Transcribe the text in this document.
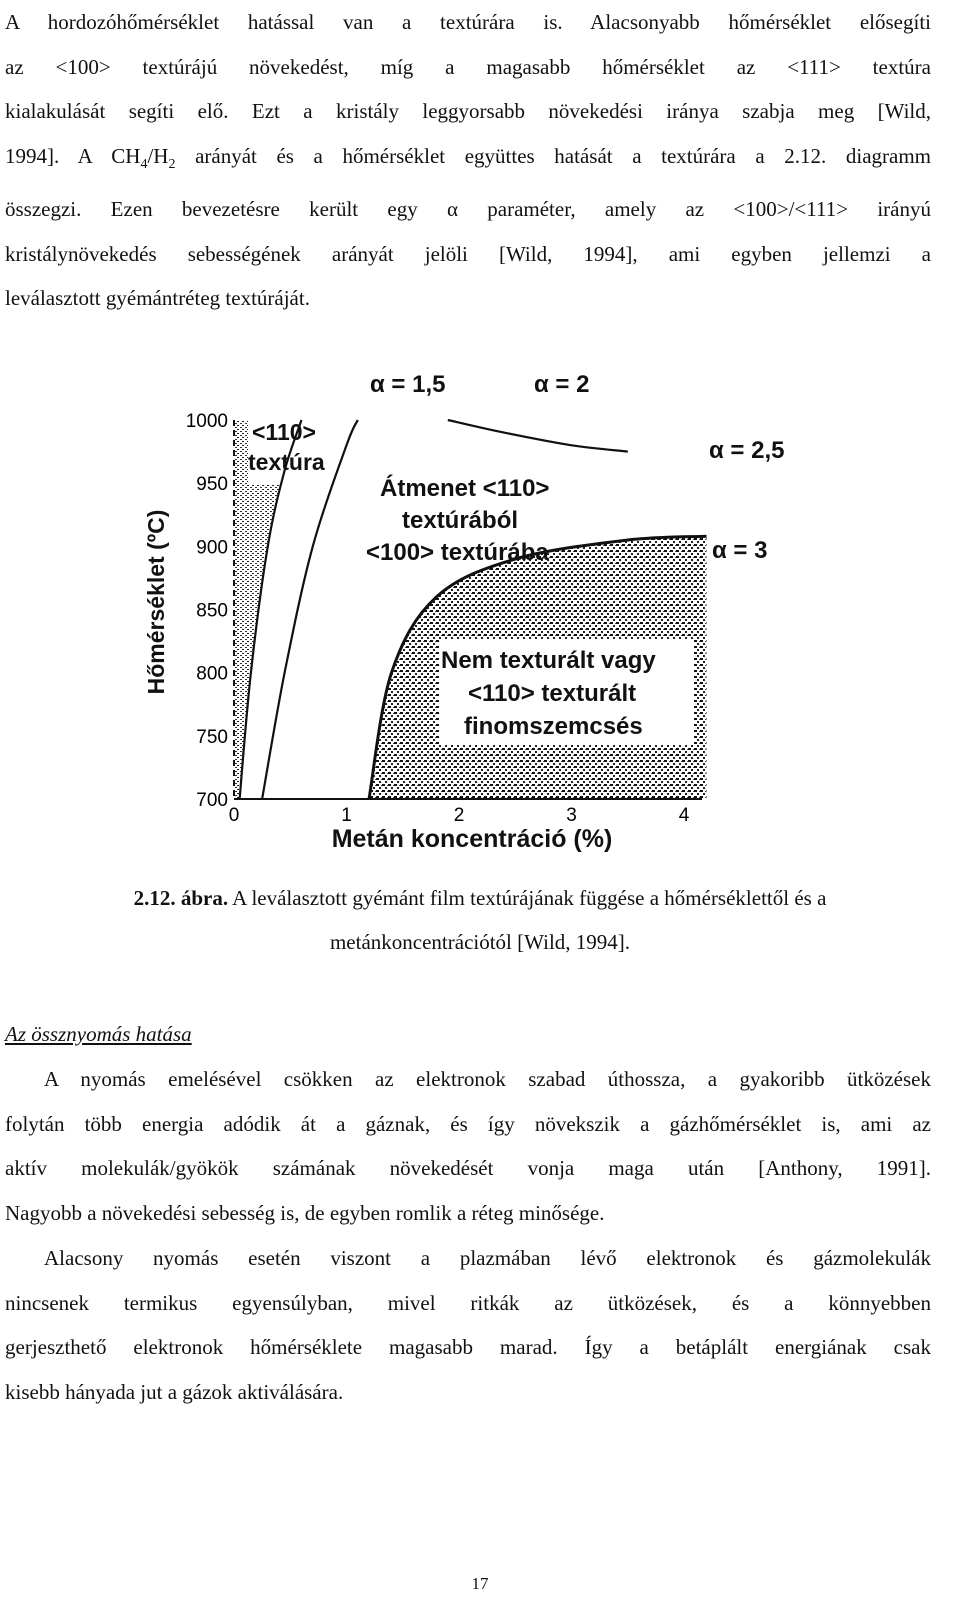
A hordozóhőmérséklet hatással van a textúrára is. Alacsonyabb hőmérséklet elősegíti
az <100> textúrájú növekedést, míg a magasabb hőmérséklet az <111> textúra
kialakulását segíti elő. Ezt a kristály leggyorsabb növekedési iránya szabja meg [Wild,
1994]. A $CH_4/H_2$ arányát és a hőmérséklet együttes hatását a textúrára a 2.12. diagramm
összegzi. Ezen bevezetésre került egy α paraméter, amely az <100>/<111> irányú
kristálynövekedés sebességének arányát jelöli [Wild, 1994], ami egyben jellemzi a
leválasztott gyémántréteg textúráját.
1000
950
900
850
800
750
700
0	1	2	3	4
Hőmérséklet (ºC)
Metán koncentráció (%)
α = 1,5	α = 2
α = 2,5
α = 3
<110>
textúra
Átmenet <110>
textúrából
<100> textúrába
Nem texturált vagy
<110> texturált
finomszemcsés
2.12. ábra. A leválasztott gyémánt film textúrájának függése a hőmérséklettől és a
metánkoncentrációtól [Wild, 1994].

Az össznyomás hatása

A nyomás emelésével csökken az elektronok szabad úthossza, a gyakoribb ütközések
folytán több energia adódik át a gáznak, és így növekszik a gázhőmérséklet is, ami az
aktív molekulák/gyökök számának növekedését vonja maga után [Anthony, 1991].
Nagyobb a növekedési sebesség is, de egyben romlik a réteg minősége.
Alacsony nyomás esetén viszont a plazmában lévő elektronok és gázmolekulák
nincsenek termikus egyensúlyban, mivel ritkák az ütközések, és a könnyebben
gerjeszthető elektronok hőmérséklete magasabb marad. Így a betáplált energiának csak
kisebb hányada jut a gázok aktiválására.
17
